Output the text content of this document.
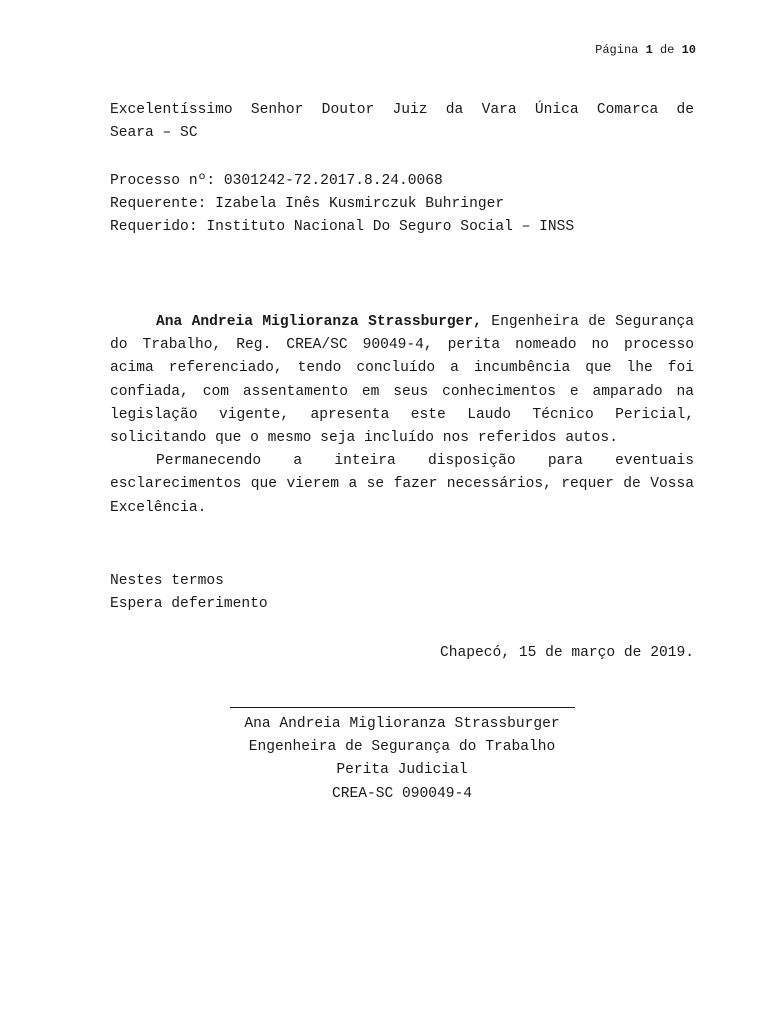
Página 1 de 10
Excelentíssimo Senhor Doutor Juiz da Vara Única Comarca de
Seara – SC
Processo nº: 0301242-72.2017.8.24.0068
Requerente: Izabela Inês Kusmirczuk Buhringer
Requerido: Instituto Nacional Do Seguro Social – INSS

Ana Andreia Miglioranza Strassburger, Engenheira de Segurança do Trabalho, Reg. CREA/SC 90049-4, perita nomeado no processo acima referenciado, tendo concluído a incumbência que lhe foi confiada, com assentamento em seus conhecimentos e amparado na legislação vigente, apresenta este Laudo Técnico Pericial, solicitando que o mesmo seja incluído nos referidos autos.

Permanecendo a inteira disposição para eventuais esclarecimentos que vierem a se fazer necessários, requer de Vossa Excelência.

Nestes termos
Espera deferimento
Chapecó, 15 de março de 2019.
Ana Andreia Miglioranza Strassburger
Engenheira de Segurança do Trabalho
Perita Judicial
CREA-SC 090049-4
